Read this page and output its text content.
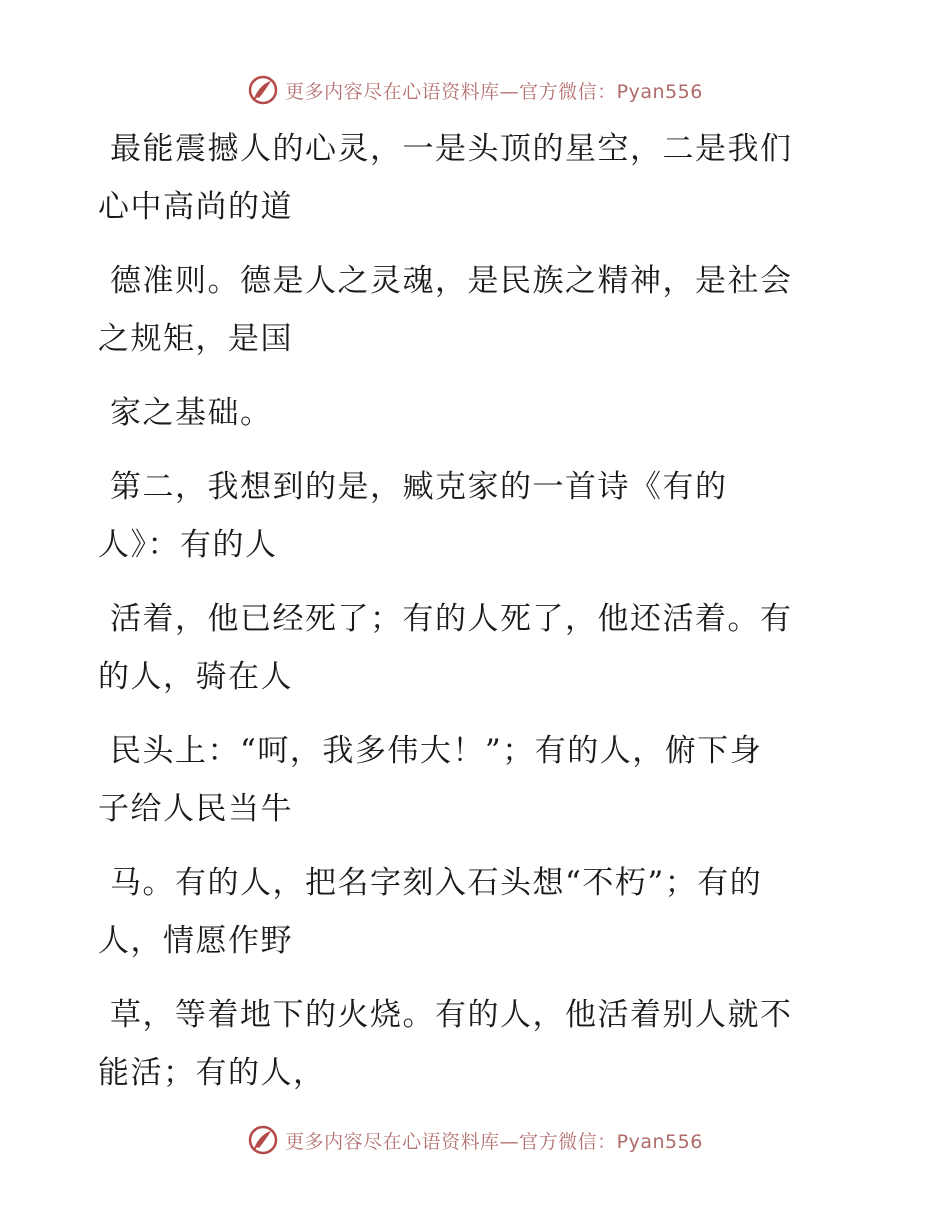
更多内容尽在心语资料库—官方微信：Pyan556

最能震撼人的心灵，一是头顶的星空，二是我们
心中高尚的道

德准则。德是人之灵魂，是民族之精神，是社会
之规矩，是国

家之基础。

第二，我想到的是，臧克家的一首诗《有的
人》：有的人

活着，他已经死了；有的人死了，他还活着。有
的人，骑在人

民头上：“呵，我多伟大！”；有的人，俯下身
子给人民当牛

马。有的人，把名字刻入石头想“不朽”；有的
人，情愿作野

草，等着地下的火烧。有的人，他活着别人就不
能活；有的人，

更多内容尽在心语资料库—官方微信：Pyan556
